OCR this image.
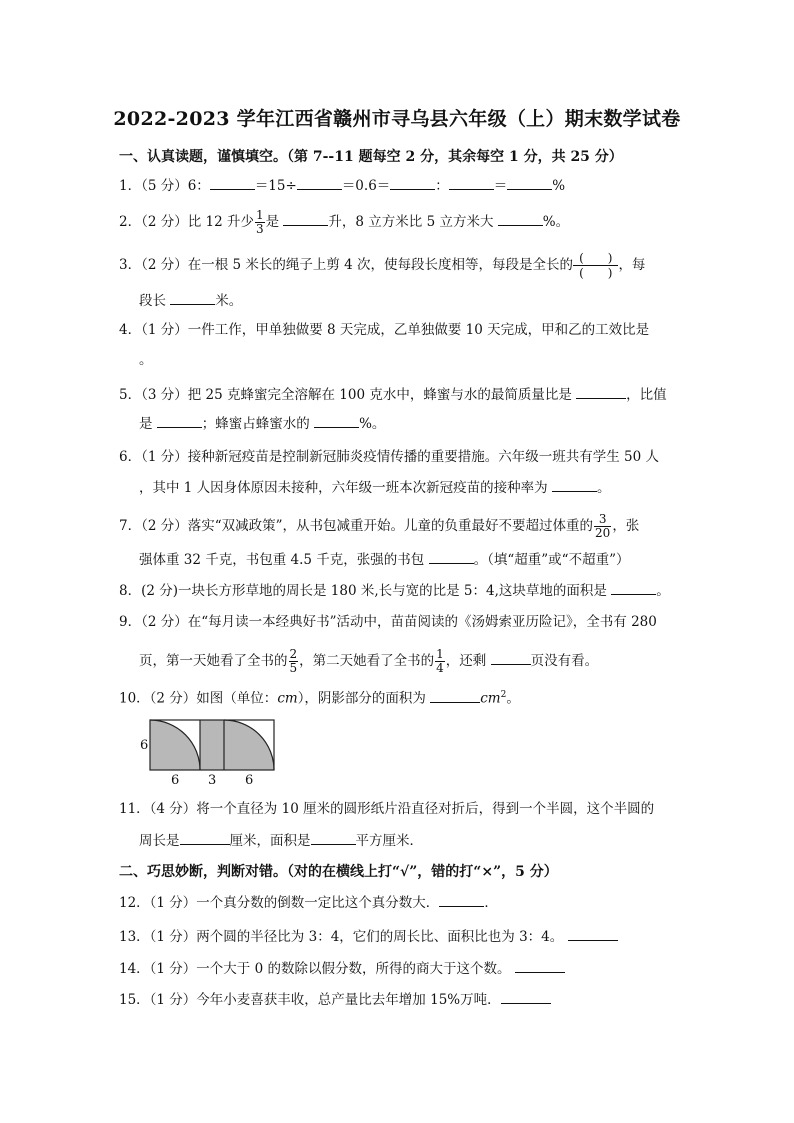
2022-2023 学年江西省赣州市寻乌县六年级（上）期末数学试卷
一、认真读题，谨慎填空。（第 7--11 题每空 2 分，其余每空 1 分，共 25 分）
1．（5 分）6：	＝15÷	＝0.6＝	：	＝	%
2．（2 分）比 12 升少 $\frac{1}{3}$ 是	升，8 立方米比 5 立方米大	%。
3．（2 分）在一根 5 米长的绳子上剪 4 次，使每段长度相等，每段是全长的 $\frac{( )}{( )}$ ，每
段长	米。
4．（1 分）一件工作，甲单独做要 8 天完成，乙单独做要 10 天完成，甲和乙的工效比是
。
5．（3 分）把 25 克蜂蜜完全溶解在 100 克水中，蜂蜜与水的最简质量比是	，比值
是	；蜂蜜占蜂蜜水的	%。
6．（1 分）接种新冠疫苗是控制新冠肺炎疫情传播的重要措施。六年级一班共有学生 50 人
，其中 1 人因身体原因未接种，六年级一班本次新冠疫苗的接种率为	。
7．（2 分）落实“双减政策”，从书包减重开始。儿童的负重最好不要超过体重的 $\frac{3}{20}$ ，张
强体重 32 千克，书包重 4.5 千克，张强的书包	。（填“超重”或“不超重”）
8．(2 分)一块长方形草地的周长是 180 米,长与宽的比是 5：4,这块草地的面积是	。
9．（2 分）在“每月读一本经典好书”活动中，苗苗阅读的《汤姆索亚历险记》，全书有 280
页，第一天她看了全书的 $\frac{2}{5}$ ，第二天她看了全书的 $\frac{1}{4}$ ，还剩	页没有看。
10．（2 分）如图（单位：cm），阴影部分的面积为	$cm^2$。
6
6 3 6
11．（4 分）将一个直径为 10 厘米的圆形纸片沿直径对折后，得到一个半圆，这个半圆的
周长是	厘米，面积是	平方厘米．
二、巧思妙断，判断对错。（对的在横线上打“√”，错的打“×”，5 分）
12．（1 分）一个真分数的倒数一定比这个真分数大．	．
13．（1 分）两个圆的半径比为 3：4，它们的周长比、面积比也为 3：4。
14．（1 分）一个大于 0 的数除以假分数，所得的商大于这个数。
15．（1 分）今年小麦喜获丰收，总产量比去年增加 15%万吨．
